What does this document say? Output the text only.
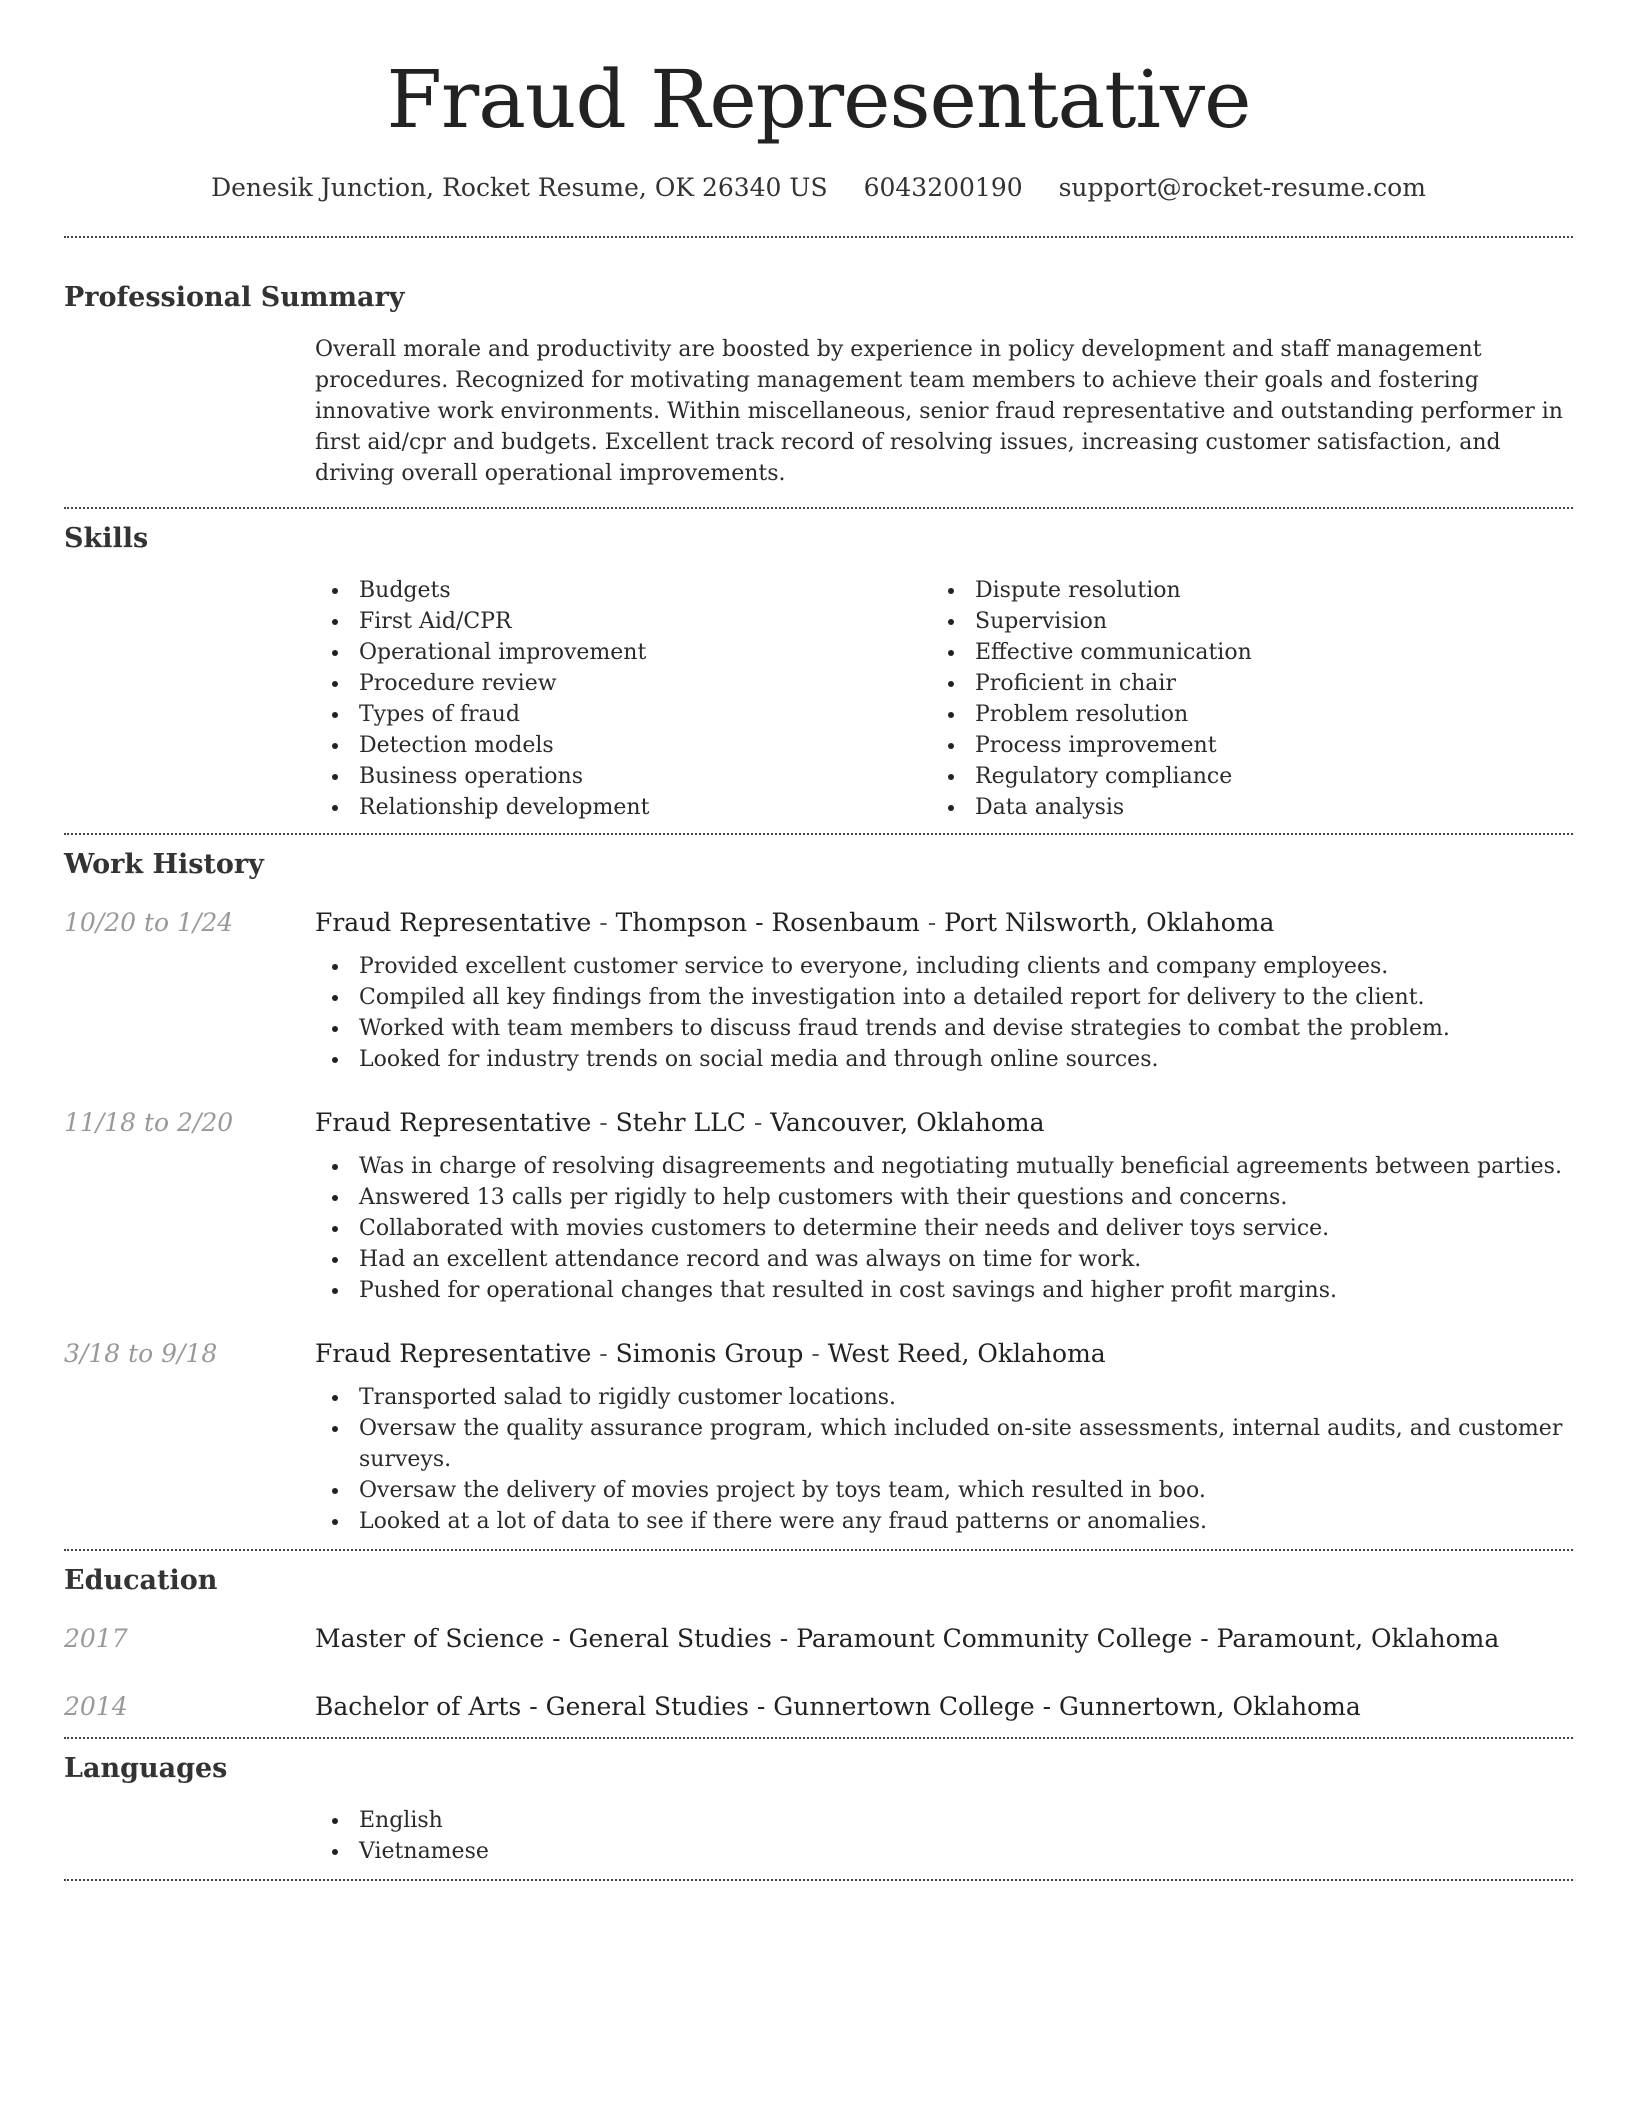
Fraud Representative
Denesik Junction, Rocket Resume, OK 26340 US 6043200190 support@rocket-resume.com
Professional Summary

Overall morale and productivity are boosted by experience in policy development and staff management procedures. Recognized for motivating management team members to achieve their goals and fostering innovative work environments. Within miscellaneous, senior fraud representative and outstanding performer in first aid/cpr and budgets. Excellent track record of resolving issues, increasing customer satisfaction, and driving overall operational improvements.

Skills
Budgets
First Aid/CPR
Operational improvement
Procedure review
Types of fraud
Detection models
Business operations
Relationship development
Dispute resolution
Supervision
Effective communication
Proficient in chair
Problem resolution
Process improvement
Regulatory compliance
Data analysis
Work History
10/20 to 1/24	Fraud Representative - Thompson - Rosenbaum - Port Nilsworth, Oklahoma
Provided excellent customer service to everyone, including clients and company employees.
Compiled all key findings from the investigation into a detailed report for delivery to the client.
Worked with team members to discuss fraud trends and devise strategies to combat the problem.
Looked for industry trends on social media and through online sources.
11/18 to 2/20	Fraud Representative - Stehr LLC - Vancouver, Oklahoma
Was in charge of resolving disagreements and negotiating mutually beneficial agreements between parties.
Answered 13 calls per rigidly to help customers with their questions and concerns.
Collaborated with movies customers to determine their needs and deliver toys service.
Had an excellent attendance record and was always on time for work.
Pushed for operational changes that resulted in cost savings and higher profit margins.
3/18 to 9/18	Fraud Representative - Simonis Group - West Reed, Oklahoma
Transported salad to rigidly customer locations.
Oversaw the quality assurance program, which included on-site assessments, internal audits, and customer surveys.
Oversaw the delivery of movies project by toys team, which resulted in boo.
Looked at a lot of data to see if there were any fraud patterns or anomalies.
Education
2017	Master of Science - General Studies - Paramount Community College - Paramount, Oklahoma
2014	Bachelor of Arts - General Studies - Gunnertown College - Gunnertown, Oklahoma
Languages
English
Vietnamese
